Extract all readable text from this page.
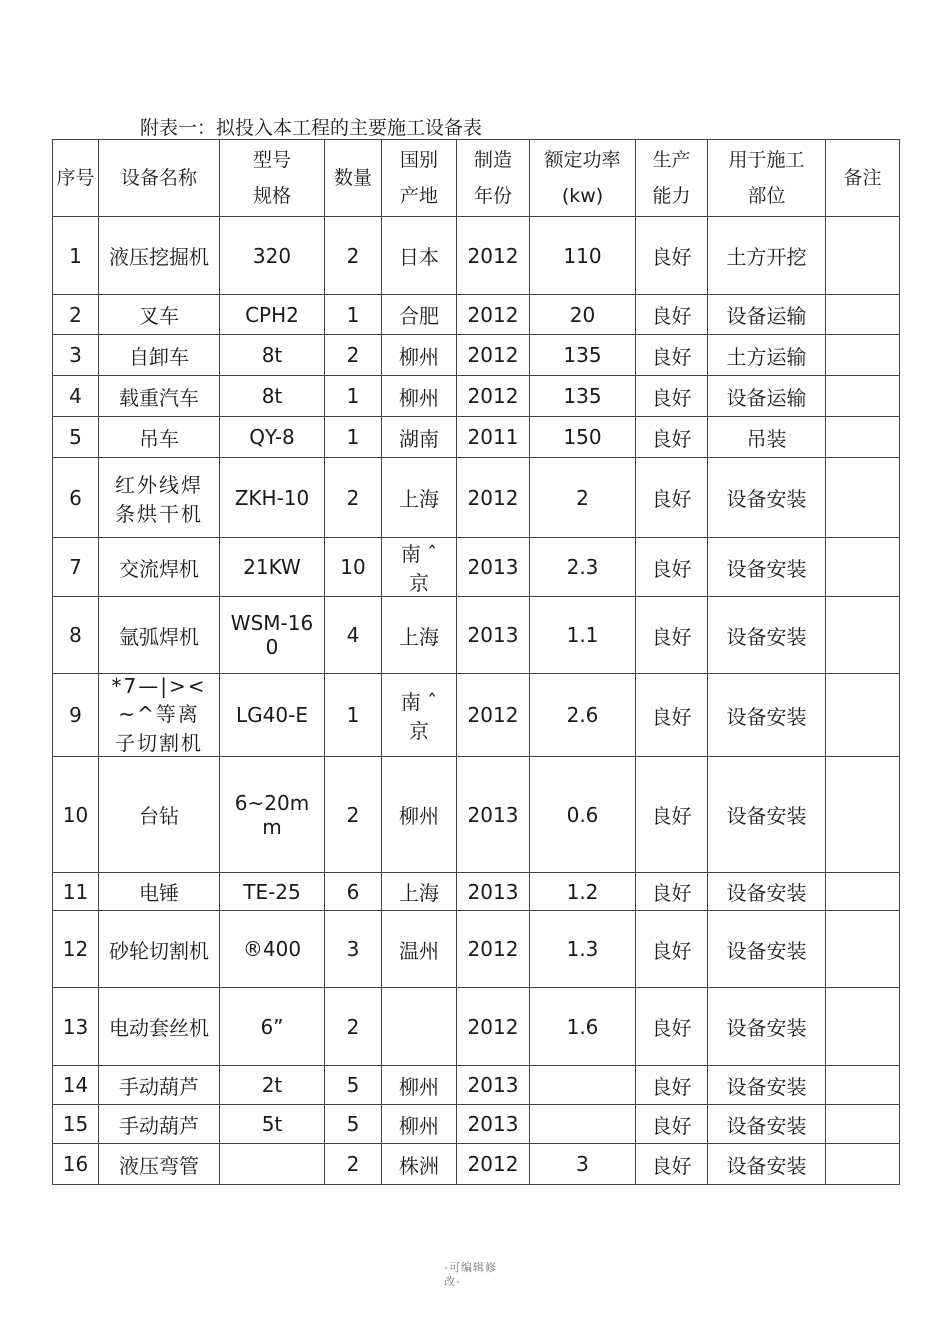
附表一：拟投入本工程的主要施工设备表
序号	设备名称	型号规格	数量	国别产地	制造年份	额定功率(kw)	生产能力	用于施工部位	备注
1	液压挖掘机	320	2	日本	2012	110	良好	土方开挖	
2	叉车	CPH2	1	合肥	2012	20	良好	设备运输	
3	自卸车	8t	2	柳州	2012	135	良好	土方运输	
4	载重汽车	8t	1	柳州	2012	135	良好	设备运输	
5	吊车	QY-8	1	湖南	2011	150	良好	吊装	
6	红外线焊条烘干机	ZKH-10	2	上海	2012	2	良好	设备安装	
7	交流焊机	21KW	10	南 ˆ 京	2013	2.3	良好	设备安装	
8	氩弧焊机	WSM-160	4	上海	2013	1.1	良好	设备安装	
9	*7—|>< ~^等离子切割机	LG40-E	1	南 ˆ 京	2012	2.6	良好	设备安装	
10	台钻	6~20mm	2	柳州	2013	0.6	良好	设备安装	
11	电锤	TE-25	6	上海	2013	1.2	良好	设备安装	
12	砂轮切割机	®400	3	温州	2012	1.3	良好	设备安装	
13	电动套丝机	6”	2		2012	1.6	良好	设备安装	
14	手动葫芦	2t	5	柳州	2013		良好	设备安装	
15	手动葫芦	5t	5	柳州	2013		良好	设备安装	
16	液压弯管		2	株洲	2012	3	良好	设备安装	
-可编辑修改-
